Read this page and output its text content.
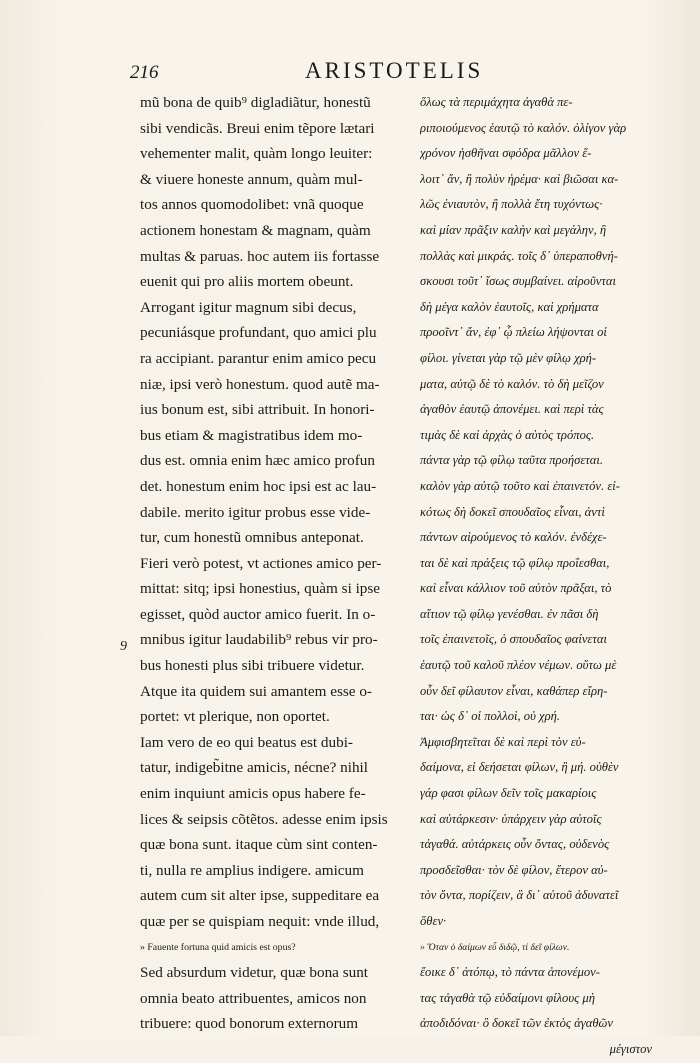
216	ARISTOTELIS
9
mũ bona de quib⁹ digladiãtur, honestũ
sibi vendicãs. Breui enim tẽpore lætari
vehementer malit, quàm longo leuiter:
& viuere honeste annum, quàm mul-
tos annos quomodolibet: vnã quoque
actionem honestam & magnam, quàm
multas & paruas. hoc autem iis fortasse
euenit qui pro aliis mortem obeunt.
Arrogant igitur magnum sibi decus,
pecuniásque profundant, quo amici plu
ra accipiant. parantur enim amico pecu
niæ, ipsi verò honestum. quod autẽ ma-
ius bonum est, sibi attribuit. In honori-
bus etiam & magistratibus idem mo-
dus est. omnia enim hæc amico profun
det. honestum enim hoc ipsi est ac lau-
dabile. merito igitur probus esse vide-
tur, cum honestũ omnibus anteponat.
Fieri verò potest, vt actiones amico per-
mittat: sitq; ipsi honestius, quàm si ipse
egisset, quòd auctor amico fuerit. In o-
mnibus igitur laudabilib⁹ rebus vir pro-
bus honesti plus sibi tribuere videtur.
Atque ita quidem sui amantem esse o-
portet: vt plerique, non oportet.
Iam vero de eo qui beatus est dubi-
tatur, indigeb̃itne amicis, nécne? nihil
enim inquiunt amicis opus habere fe-
lices & seipsis cõtẽtos. adesse enim ipsis
quæ bona sunt. itaque cùm sint conten-
ti, nulla re amplius indigere. amicum
autem cum sit alter ipse, suppeditare ea
quæ per se quispiam nequit: vnde illud,
» Fauente fortuna quid amicis est opus?
Sed absurdum videtur, quæ bona sunt
omnia beato attribuentes, amicos non
tribuere: quod bonorum externorum
ὅλως τὰ περιμάχητα ἀγαθὰ πε-
ριποιούμενος ἑαυτῷ τὸ καλόν. ὀλίγον γὰρ
χρόνον ἡσθῆναι σφόδρα μᾶλλον ἕ-
λοιτ᾽ ἄν, ἢ πολὺν ἠρέμα· καὶ βιῶσαι κα-
λῶς ἐνιαυτὸν, ἢ πολλὰ ἔτη τυχόντως·
καὶ μίαν πρᾶξιν καλὴν καὶ μεγάλην, ἢ
πολλὰς καὶ μικράς. τοῖς δ᾽ ὑπεραποθνή-
σκουσι τοῦτ᾽ ἴσως συμβαίνει. αἱροῦνται
δὴ μέγα καλὸν ἑαυτοῖς, καὶ χρήματα
προοῖντ᾽ ἄν, ἐφ᾽ ᾧ πλείω λήψονται οἱ
φίλοι. γίνεται γὰρ τῷ μὲν φίλῳ χρή-
ματα, αὐτῷ δὲ τὸ καλόν. τὸ δὴ μεῖζον
ἀγαθὸν ἑαυτῷ ἀπονέμει. καὶ περὶ τὰς
τιμὰς δὲ καὶ ἀρχὰς ὁ αὐτὸς τρόπος.
πάντα γὰρ τῷ φίλῳ ταῦτα προήσεται.
καλὸν γὰρ αὐτῷ τοῦτο καὶ ἐπαινετόν. εἰ-
κότως δὴ δοκεῖ σπουδαῖος εἶναι, ἀντὶ
πάντων αἱρούμενος τὸ καλόν. ἐνδέχε-
ται δὲ καὶ πράξεις τῷ φίλῳ προΐεσθαι,
καὶ εἶναι κάλλιον τοῦ αὐτὸν πρᾶξαι, τὸ
αἴτιον τῷ φίλῳ γενέσθαι. ἐν πᾶσι δὴ
τοῖς ἐπαινετοῖς, ὁ σπουδαῖος φαίνεται
ἑαυτῷ τοῦ καλοῦ πλέον νέμων. οὕτω μὲ
οὖν δεῖ φίλαυτον εἶναι, καθάπερ εἴρη-
ται· ὡς δ᾽ οἱ πολλοὶ, οὐ χρή.
Ἀμφισβητεῖται δὲ καὶ περὶ τὸν εὐ-
δαίμονα, εἰ δεήσεται φίλων, ἢ μή. οὐθὲν
γάρ φασι φίλων δεῖν τοῖς μακαρίοις
καὶ αὐτάρκεσιν· ὑπάρχειν γὰρ αὐτοῖς
τἀγαθά. αὐτάρκεις οὖν ὄντας, οὐδενὸς
προσδεῖσθαι· τὸν δὲ φίλον, ἕτερον αὐ-
τὸν ὄντα, πορίζειν, ἃ δι᾽ αὑτοῦ ἀδυνατεῖ
ὅθεν·
» Ὅταν ὁ δαίμων εὖ διδῷ, τί δεῖ φίλων.
ἔοικε δ᾽ ἀτόπῳ, τὸ πάντα ἀπονέμον-
τας τἀγαθὰ τῷ εὐδαίμονι φίλους μὴ
ἀποδιδόναι· ὃ δοκεῖ τῶν ἐκτὸς ἀγαθῶν
μέγιστον
